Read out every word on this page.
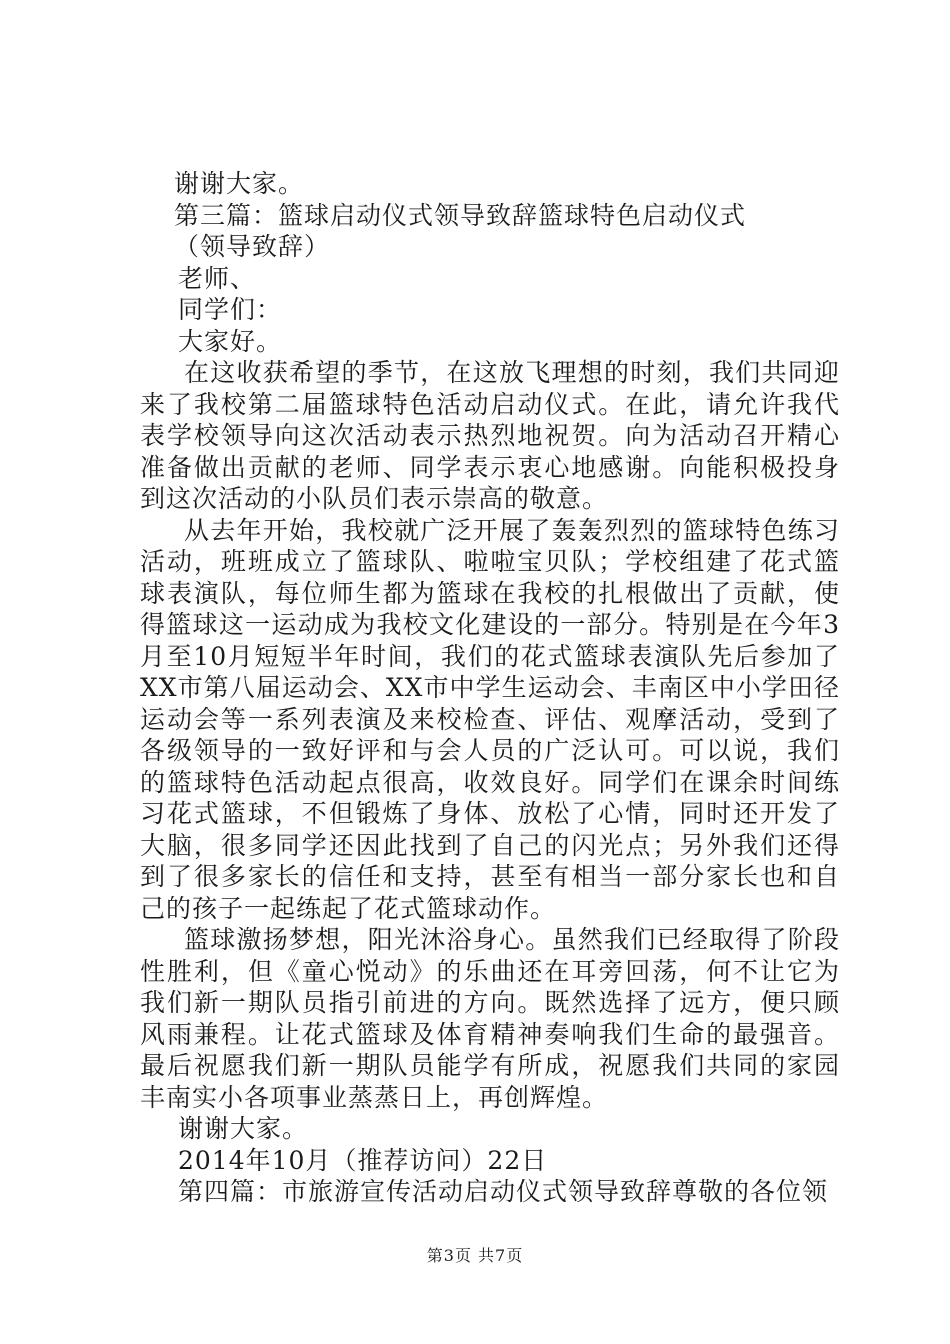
谢谢大家。
第三篇：篮球启动仪式领导致辞篮球特色启动仪式
（领导致辞）
老师、
同学们：
大家好。

在这收获希望的季节，在这放飞理想的时刻，我们共同迎来了我校第二届篮球特色活动启动仪式。在此，请允许我代表学校领导向这次活动表示热烈地祝贺。向为活动召开精心准备做出贡献的老师、同学表示衷心地感谢。向能积极投身到这次活动的小队员们表示崇高的敬意。

从去年开始，我校就广泛开展了轰轰烈烈的篮球特色练习活动，班班成立了篮球队、啦啦宝贝队；学校组建了花式篮球表演队，每位师生都为篮球在我校的扎根做出了贡献，使得篮球这一运动成为我校文化建设的一部分。特别是在今年3月至10月短短半年时间，我们的花式篮球表演队先后参加了XX市第八届运动会、XX市中学生运动会、丰南区中小学田径运动会等一系列表演及来校检查、评估、观摩活动，受到了各级领导的一致好评和与会人员的广泛认可。可以说，我们的篮球特色活动起点很高，收效良好。同学们在课余时间练习花式篮球，不但锻炼了身体、放松了心情，同时还开发了大脑，很多同学还因此找到了自己的闪光点；另外我们还得到了很多家长的信任和支持，甚至有相当一部分家长也和自己的孩子一起练起了花式篮球动作。

篮球激扬梦想，阳光沐浴身心。虽然我们已经取得了阶段性胜利，但《童心悦动》的乐曲还在耳旁回荡，何不让它为我们新一期队员指引前进的方向。既然选择了远方，便只顾风雨兼程。让花式篮球及体育精神奏响我们生命的最强音。最后祝愿我们新一期队员能学有所成，祝愿我们共同的家园丰南实小各项事业蒸蒸日上，再创辉煌。

谢谢大家。
2014年10月（推荐访问）22日
第四篇：市旅游宣传活动启动仪式领导致辞尊敬的各位领
第3页 共7页
